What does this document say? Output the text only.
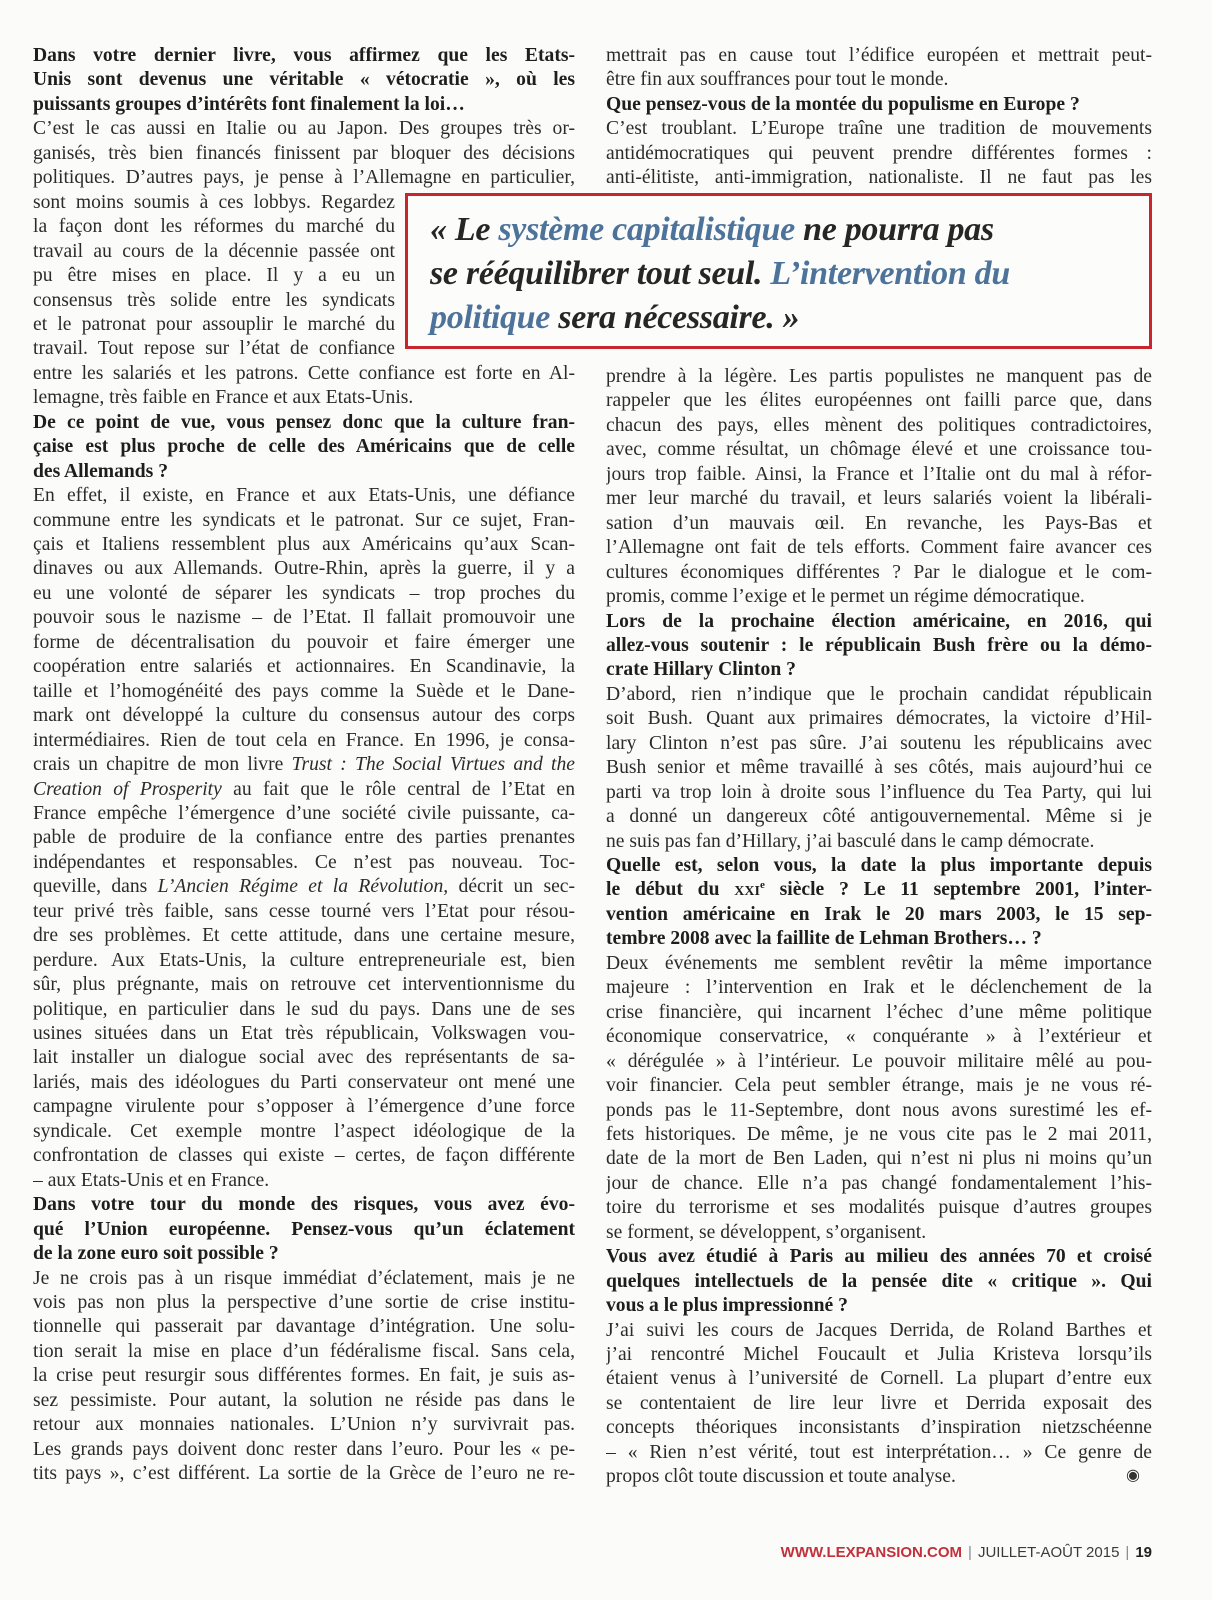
Dans votre dernier livre, vous affirmez que les Etats-
Unis sont devenus une véritable « vétocratie », où les
puissants groupes d’intérêts font finalement la loi…
C’est le cas aussi en Italie ou au Japon. Des groupes très or-
ganisés, très bien financés finissent par bloquer des décisions
politiques. D’autres pays, je pense à l’Allemagne en particulier,
sont moins soumis à ces lobbys. Regardez
la façon dont les réformes du marché du
travail au cours de la décennie passée ont
pu être mises en place. Il y a eu un
consensus très solide entre les syndicats
et le patronat pour assouplir le marché du
travail. Tout repose sur l’état de confiance
entre les salariés et les patrons. Cette confiance est forte en Al-
lemagne, très faible en France et aux Etats-Unis.
De ce point de vue, vous pensez donc que la culture fran-
çaise est plus proche de celle des Américains que de celle
des Allemands ?
En effet, il existe, en France et aux Etats-Unis, une défiance
commune entre les syndicats et le patronat. Sur ce sujet, Fran-
çais et Italiens ressemblent plus aux Américains qu’aux Scan-
dinaves ou aux Allemands. Outre-Rhin, après la guerre, il y a
eu une volonté de séparer les syndicats – trop proches du
pouvoir sous le nazisme – de l’Etat. Il fallait promouvoir une
forme de décentralisation du pouvoir et faire émerger une
coopération entre salariés et actionnaires. En Scandinavie, la
taille et l’homogénéité des pays comme la Suède et le Dane-
mark ont développé la culture du consensus autour des corps
intermédiaires. Rien de tout cela en France. En 1996, je consa-
crais un chapitre de mon livre Trust : The Social Virtues and the
Creation of Prosperity au fait que le rôle central de l’Etat en
France empêche l’émergence d’une société civile puissante, ca-
pable de produire de la confiance entre des parties prenantes
indépendantes et responsables. Ce n’est pas nouveau. Toc-
queville, dans L’Ancien Régime et la Révolution, décrit un sec-
teur privé très faible, sans cesse tourné vers l’Etat pour résou-
dre ses problèmes. Et cette attitude, dans une certaine mesure,
perdure. Aux Etats-Unis, la culture entrepreneuriale est, bien
sûr, plus prégnante, mais on retrouve cet interventionnisme du
politique, en particulier dans le sud du pays. Dans une de ses
usines situées dans un Etat très républicain, Volkswagen vou-
lait installer un dialogue social avec des représentants de sa-
lariés, mais des idéologues du Parti conservateur ont mené une
campagne virulente pour s’opposer à l’émergence d’une force
syndicale. Cet exemple montre l’aspect idéologique de la
confrontation de classes qui existe – certes, de façon différente
– aux Etats-Unis et en France.
Dans votre tour du monde des risques, vous avez évo-
qué l’Union européenne. Pensez-vous qu’un éclatement
de la zone euro soit possible ?
Je ne crois pas à un risque immédiat d’éclatement, mais je ne
vois pas non plus la perspective d’une sortie de crise institu-
tionnelle qui passerait par davantage d’intégration. Une solu-
tion serait la mise en place d’un fédéralisme fiscal. Sans cela,
la crise peut resurgir sous différentes formes. En fait, je suis as-
sez pessimiste. Pour autant, la solution ne réside pas dans le
retour aux monnaies nationales. L’Union n’y survivrait pas.
Les grands pays doivent donc rester dans l’euro. Pour les « pe-
tits pays », c’est différent. La sortie de la Grèce de l’euro ne re-
mettrait pas en cause tout l’édifice européen et mettrait peut-
être fin aux souffrances pour tout le monde.
Que pensez-vous de la montée du populisme en Europe ?
C’est troublant. L’Europe traîne une tradition de mouvements
antidémocratiques qui peuvent prendre différentes formes :
anti-élitiste, anti-immigration, nationaliste. Il ne faut pas les
« Le système capitalistique ne pourra pas
se rééquilibrer tout seul. L’intervention du
politique sera nécessaire. »
prendre à la légère. Les partis populistes ne manquent pas de
rappeler que les élites européennes ont failli parce que, dans
chacun des pays, elles mènent des politiques contradictoires,
avec, comme résultat, un chômage élevé et une croissance tou-
jours trop faible. Ainsi, la France et l’Italie ont du mal à réfor-
mer leur marché du travail, et leurs salariés voient la libérali-
sation d’un mauvais œil. En revanche, les Pays-Bas et
l’Allemagne ont fait de tels efforts. Comment faire avancer ces
cultures économiques différentes ? Par le dialogue et le com-
promis, comme l’exige et le permet un régime démocratique.
Lors de la prochaine élection américaine, en 2016, qui
allez-vous soutenir : le républicain Bush frère ou la démo-
crate Hillary Clinton ?
D’abord, rien n’indique que le prochain candidat républicain
soit Bush. Quant aux primaires démocrates, la victoire d’Hil-
lary Clinton n’est pas sûre. J’ai soutenu les républicains avec
Bush senior et même travaillé à ses côtés, mais aujourd’hui ce
parti va trop loin à droite sous l’influence du Tea Party, qui lui
a donné un dangereux côté antigouvernemental. Même si je
ne suis pas fan d’Hillary, j’ai basculé dans le camp démocrate.
Quelle est, selon vous, la date la plus importante depuis
le début du xxi$^e$ siècle ? Le 11 septembre 2001, l’inter-
vention américaine en Irak le 20 mars 2003, le 15 sep-
tembre 2008 avec la faillite de Lehman Brothers… ?
Deux événements me semblent revêtir la même importance
majeure : l’intervention en Irak et le déclenchement de la
crise financière, qui incarnent l’échec d’une même politique
économique conservatrice, « conquérante » à l’extérieur et
« dérégulée » à l’intérieur. Le pouvoir militaire mêlé au pou-
voir financier. Cela peut sembler étrange, mais je ne vous ré-
ponds pas le 11-Septembre, dont nous avons surestimé les ef-
fets historiques. De même, je ne vous cite pas le 2 mai 2011,
date de la mort de Ben Laden, qui n’est ni plus ni moins qu’un
jour de chance. Elle n’a pas changé fondamentalement l’his-
toire du terrorisme et ses modalités puisque d’autres groupes
se forment, se développent, s’organisent.
Vous avez étudié à Paris au milieu des années 70 et croisé
quelques intellectuels de la pensée dite « critique ». Qui
vous a le plus impressionné ?
J’ai suivi les cours de Jacques Derrida, de Roland Barthes et
j’ai rencontré Michel Foucault et Julia Kristeva lorsqu’ils
étaient venus à l’université de Cornell. La plupart d’entre eux
se contentaient de lire leur livre et Derrida exposait des
concepts théoriques inconsistants d’inspiration nietzschéenne
– « Rien n’est vérité, tout est interprétation… » Ce genre de
propos clôt toute discussion et toute analyse.	◉
WWW.LEXPANSION.COM | JUILLET-AOÛT 2015 | 19
